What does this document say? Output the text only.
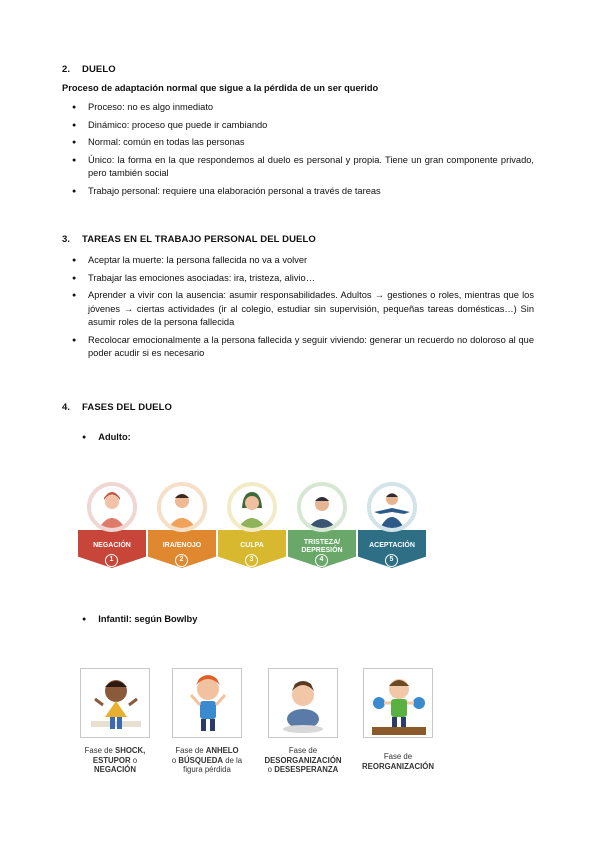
2. DUELO
Proceso de adaptación normal que sigue a la pérdida de un ser querido
● Proceso: no es algo inmediato
● Dinámico: proceso que puede ir cambiando
● Normal: común en todas las personas
● Único: la forma en la que respondemos al duelo es personal y propia. Tiene un gran componente privado, pero también social
● Trabajo personal: requiere una elaboración personal a través de tareas
3. TAREAS EN EL TRABAJO PERSONAL DEL DUELO
● Aceptar la muerte: la persona fallecida no va a volver
● Trabajar las emociones asociadas: ira, tristeza, alivio…
● Aprender a vivir con la ausencia: asumir responsabilidades. Adultos → gestiones o roles, mientras que los jóvenes → ciertas actividades (ir al colegio, estudiar sin supervisión, pequeñas tareas domésticas…) Sin asumir roles de la persona fallecida
● Recolocar emocionalmente a la persona fallecida y seguir viviendo: generar un recuerdo no doloroso al que poder acudir si es necesario
4. FASES DEL DUELO
● Adulto:
NEGACIÓN
1
IRA/ENOJO
2
CULPA
3
TRISTEZA/ DEPRESIÓN
4
ACEPTACIÓN
5
● Infantil: según Bowlby
Fase de SHOCK,
ESTUPOR o
NEGACIÓN
Fase de ANHELO
o BÚSQUEDA de la figura pérdida
Fase de
DESORGANIZACIÓN
o DESESPERANZA
Fase de
REORGANIZACIÓN
